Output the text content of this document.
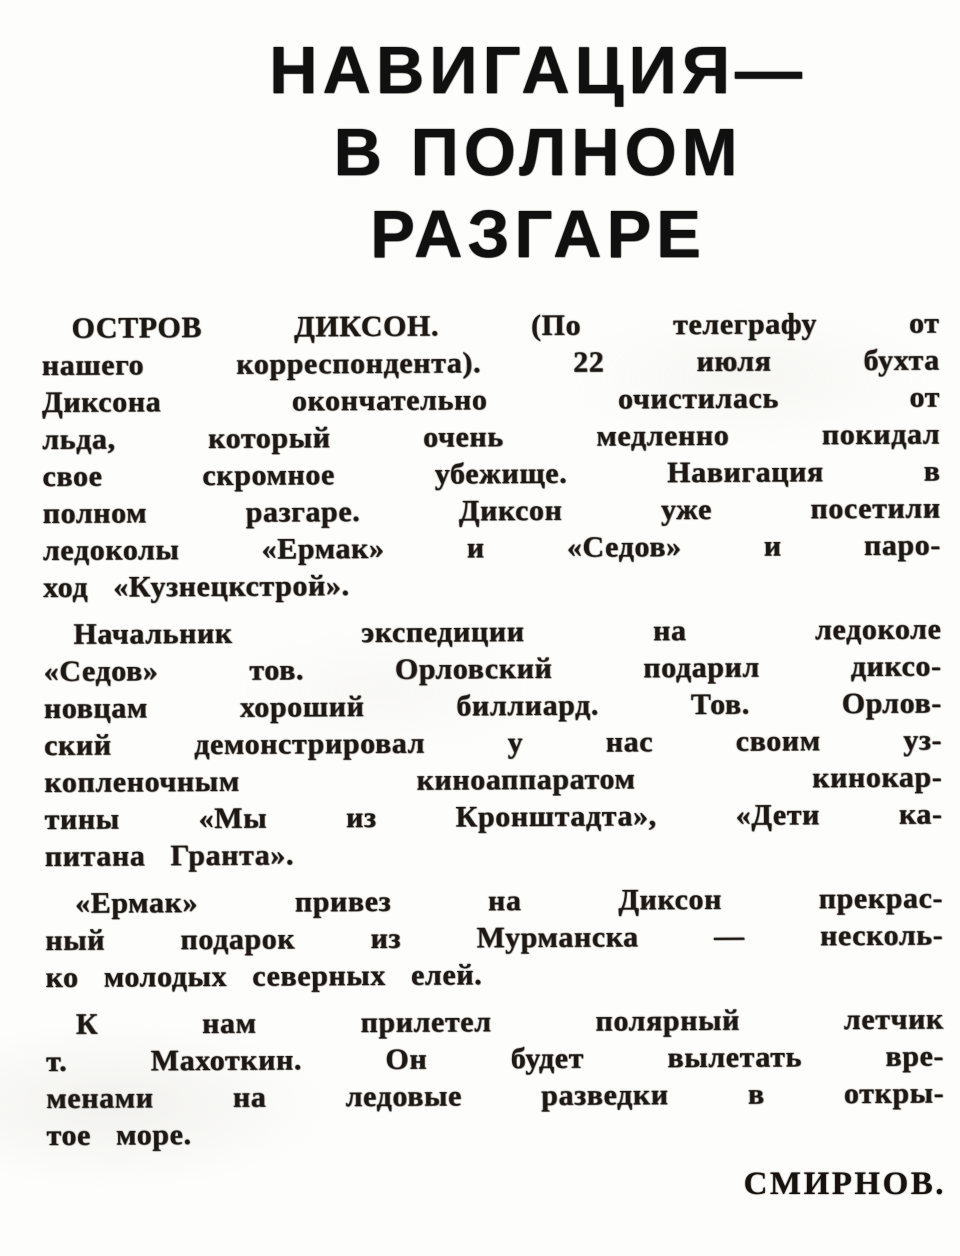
НАВИГАЦИЯ—
В ПОЛНОМ
РАЗГАРЕ
ОСТРОВ ДИКСОН. (По телеграфу от
нашего корреспондента). 22 июля бухта
Диксона окончательно очистилась от
льда, который очень медленно покидал
свое скромное убежище. Навигация в
полном разгаре. Диксон уже посетили
ледоколы «Ермак» и «Седов» и паро-
ход «Кузнецкстрой».
Начальник экспедиции на ледоколе
«Седов» тов. Орловский подарил диксо-
новцам хороший биллиард. Тов. Орлов-
ский демонстрировал у нас своим уз-
копленочным киноаппаратом кинокар-
тины «Мы из Кронштадта», «Дети ка-
питана Гранта».
«Ермак» привез на Диксон прекрас-
ный подарок из Мурманска — несколь-
ко молодых северных елей.
К нам прилетел полярный летчик
т. Махоткин. Он будет вылетать вре-
менами на ледовые разведки в откры-
тое море.
СМИРНОВ.
